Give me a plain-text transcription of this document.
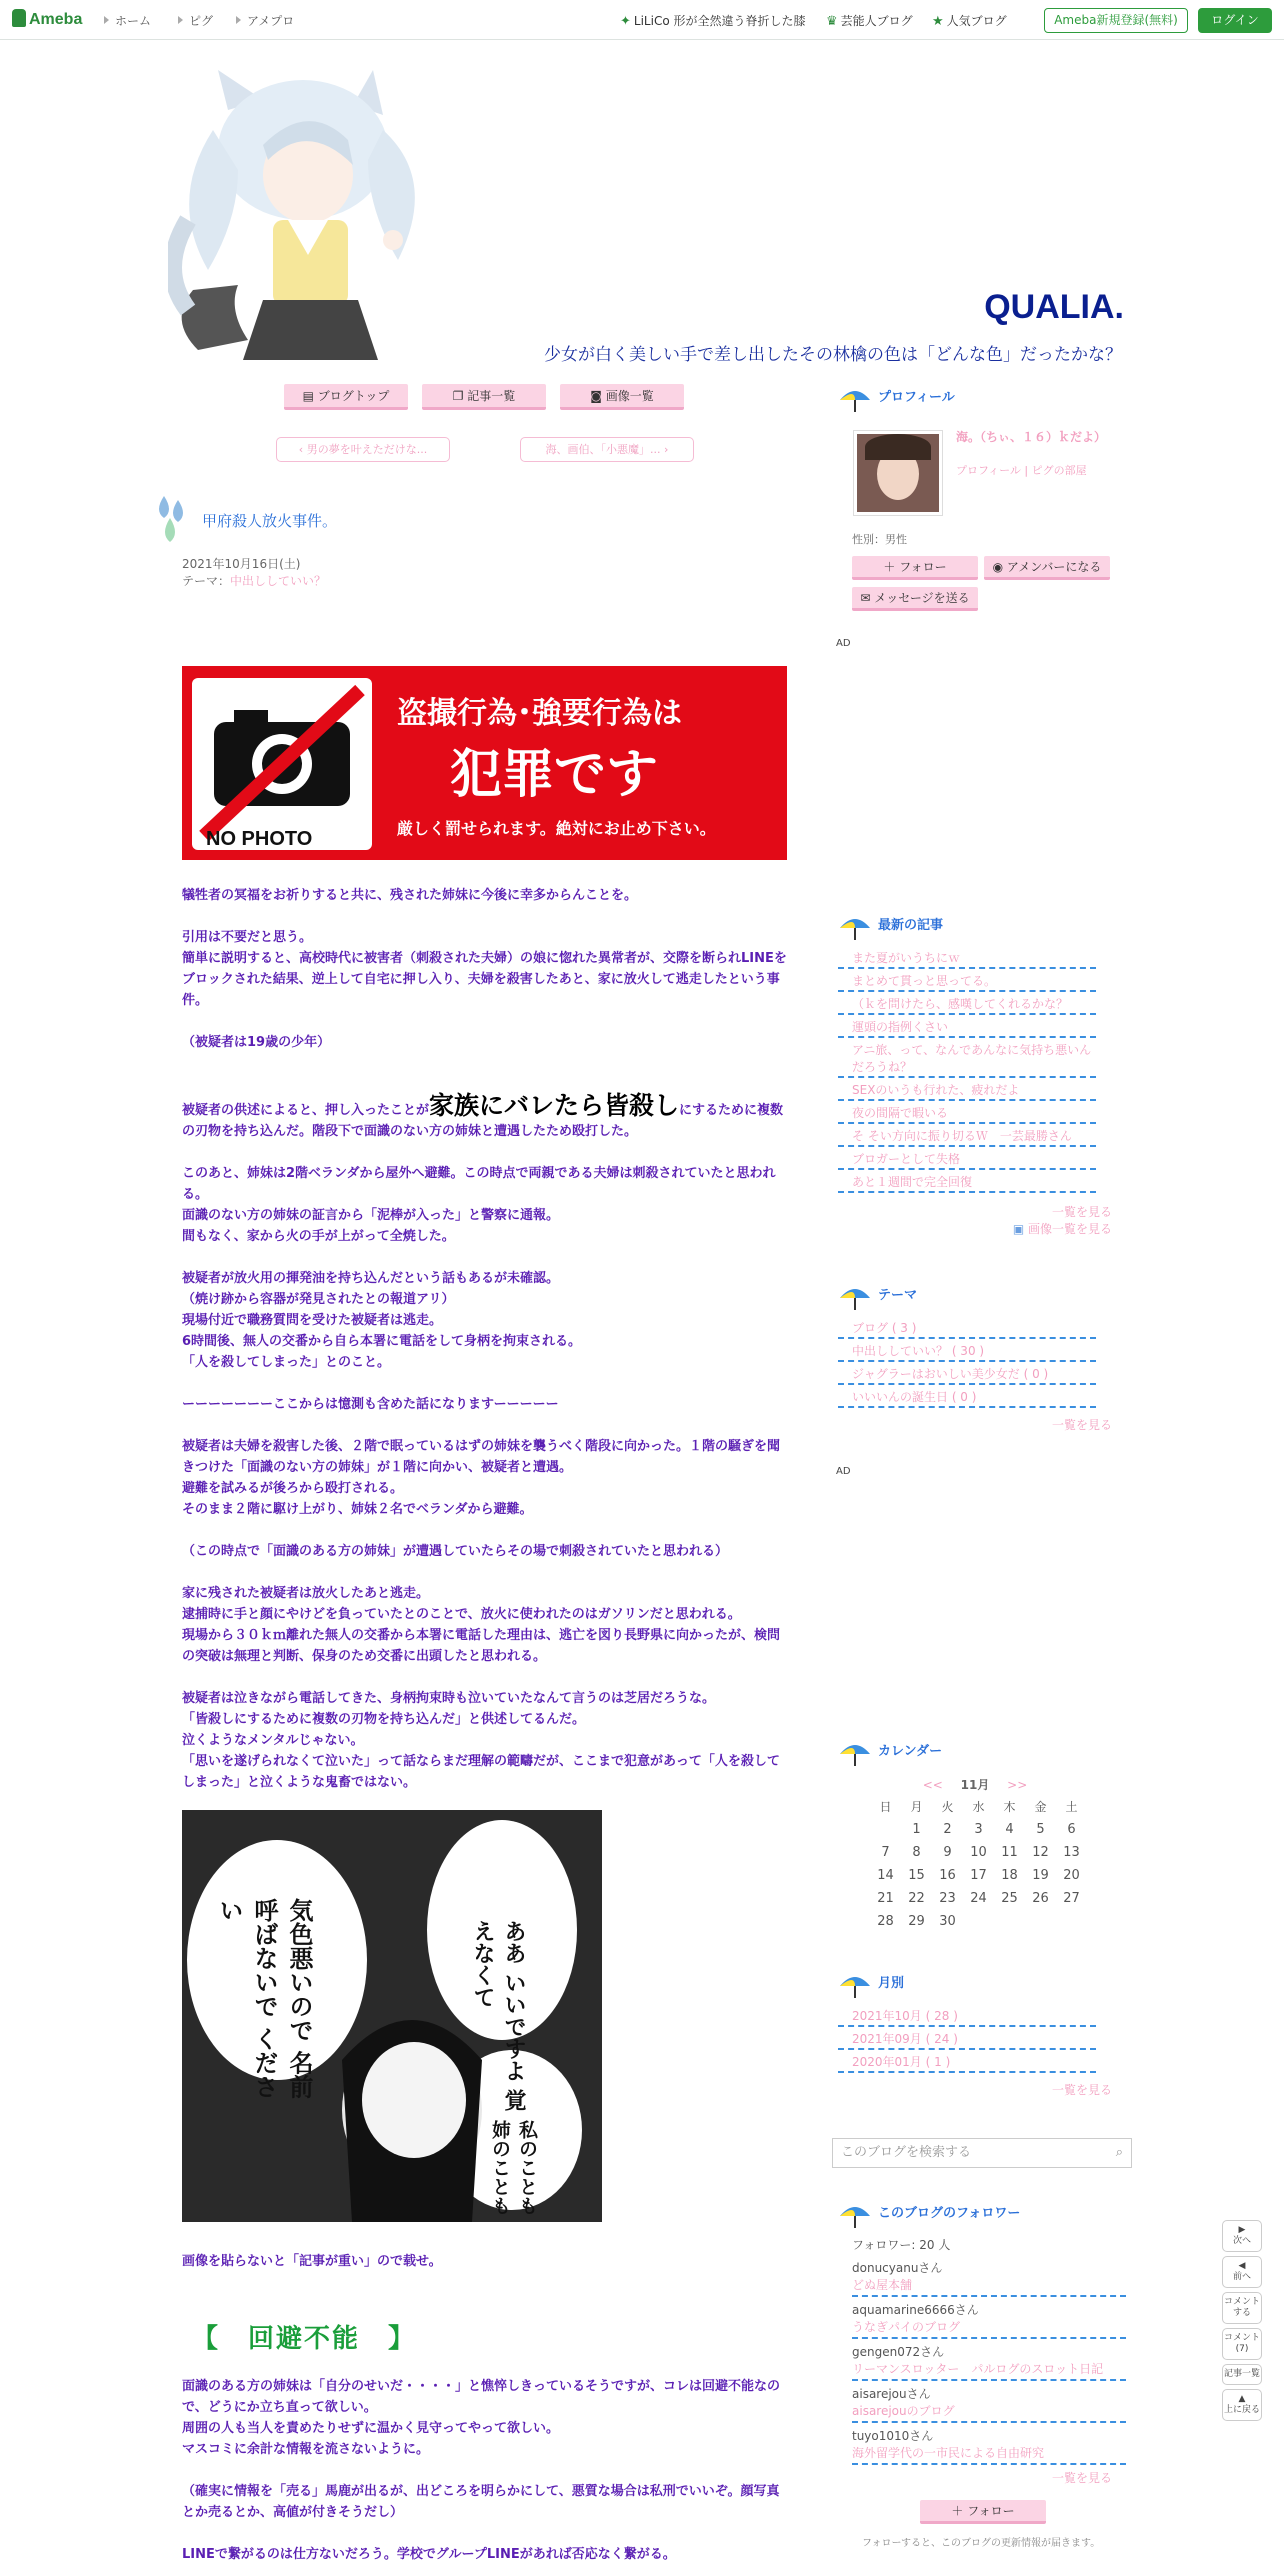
Ameba	ホーム	ピグ	アメプロ	✦ LiLiCo 形が全然違う脊折した膝 ♛ 芸能人ブログ ★ 人気ブログ	Ameba新規登録(無料)	ログイン
QUALIA.
少女が白く美しい手で差し出したその林檎の色は「どんな色」だったかな？
▤ ブログトップ	❐ 記事一覧	◙ 画像一覧
‹ 男の夢を叶えただけな...	海、画伯、「小悪魔」... ›
甲府殺人放火事件。
2021年10月16日(土)
テーマ：中出ししていい？
NO PHOTO
盗撮行為･強要行為は
犯罪です
厳しく罰せられます。絶対にお止め下さい。

犠牲者の冥福をお祈りすると共に、残された姉妹に今後に幸多からんことを。

引用は不要だと思う。

簡単に説明すると、高校時代に被害者（刺殺された夫婦）の娘に惚れた異常者が、交際を断られLINEをブロックされた結果、逆上して自宅に押し入り、夫婦を殺害したあと、家に放火して逃走したという事件。

（被疑者は19歳の少年）

被疑者の供述によると、押し入ったことが家族にバレたら皆殺しにするために複数の刃物を持ち込んだ。階段下で面識のない方の姉妹と遭遇したため殴打した。

このあと、姉妹は2階ベランダから屋外へ避難。この時点で両親である夫婦は刺殺されていたと思われる。

面識のない方の姉妹の証言から「泥棒が入った」と警察に通報。

間もなく、家から火の手が上がって全焼した。

被疑者が放火用の揮発油を持ち込んだという話もあるが未確認。

（焼け跡から容器が発見されたとの報道アリ）

現場付近で職務質問を受けた被疑者は逃走。

6時間後、無人の交番から自ら本署に電話をして身柄を拘束される。

「人を殺してしまった」とのこと。

ーーーーーーーここからは憶測も含めた話になりますーーーーー

被疑者は夫婦を殺害した後、２階で眠っているはずの姉妹を襲うべく階段に向かった。１階の騒ぎを聞きつけた「面識のない方の姉妹」が１階に向かい、被疑者と遭遇。

避難を試みるが後ろから殴打される。

そのまま２階に駆け上がり、姉妹２名でベランダから避難。

（この時点で「面識のある方の姉妹」が遭遇していたらその場で刺殺されていたと思われる）

家に残された被疑者は放火したあと逃走。

逮捕時に手と顔にやけどを負っていたとのことで、放火に使われたのはガソリンだと思われる。

現場から３０ｋｍ離れた無人の交番から本署に電話した理由は、逃亡を図り長野県に向かったが、検問の突破は無理と判断、保身のため交番に出頭したと思われる。

被疑者は泣きながら電話してきた、身柄拘束時も泣いていたなんて言うのは芝居だろうな。

「皆殺しにするために複数の刃物を持ち込んだ」と供述してるんだ。

泣くようなメンタルじゃない。

「思いを遂げられなくて泣いた」って話ならまだ理解の範疇だが、ここまで犯意があって「人を殺してしまった」と泣くような鬼畜ではない。

ああ いいですよ 覚えなくて
私のことも 姉のことも
気色悪いので 名前呼ばないで ください
画像を貼らないと「記事が重い」ので载せ。
【　回避不能　】

面識のある方の姉妹は「自分のせいだ・・・・」と憔悴しきっているそうですが、コレは回避不能なので、どうにか立ち直って欲しい。

周囲の人も当人を責めたりせずに温かく見守ってやって欲しい。

マスコミに余計な情報を流さないように。

（確実に情報を「売る」馬鹿が出るが、出どころを明らかにして、悪質な場合は私刑でいいぞ。顔写真とか売るとか、高値が付きそうだし）

LINEで繋がるのは仕方ないだろう。学校でグループLINEがあれば否応なく繋がる。

プロフィール
海。（ちぃ、１６）ｋだよ）
プロフィール | ピグの部屋
性別：男性
＋ フォロー	◉ アメンバーになる
✉ メッセージを送る
AD
最新の記事
また夏がいうちにｗ
まとめて貫っと思ってる。
（ｋを問けたら、感嘆してくれるかな？
運頭の指例くさい
アニ旅、って、なんであんなに気持ち悪いんだろうね？
SEXのいうも行れた、疲れだよ
夜の間隔で暇いる
そ そい方向に振り切るＷ　一芸最勝さん
ブロガーとして失格
あと１週間で完全回復
一覧を見る
▣ 画像一覧を見る
テーマ
ブログ ( 3 )
中出ししていい？ ( 30 )
ジャグラーはおいしい美少女だ ( 0 )
いいいんの誕生日 ( 0 )
一覧を見る
AD
カレンダー
<< 11月 >>
日	月	火	水	木	金	土
	1	2	3	4	5	6
7	8	9	10	11	12	13
14	15	16	17	18	19	20
21	22	23	24	25	26	27
28	29	30				
月別
2021年10月 ( 28 )
2021年09月 ( 24 )
2020年01月 ( 1 )
一覧を見る
このブログを検索する	⌕
このブログのフォロワー
フォロワー: 20 人
donucyanuさん
どぬ屋本舗
aquamarine6666さん
うなぎパイのブログ
gengen072さん
リーマンスロッター　パルログのスロット日記
aisarejouさん
aisarejouのブログ
tuyo1010さん
海外留学代の一市民による自由研究
一覧を見る
＋ フォロー
フォローすると、このブログの更新情報が届きます。
▶
次へ
◀
前へ
コメントする
コメント(7)
記事一覧
▲
上に戻る
